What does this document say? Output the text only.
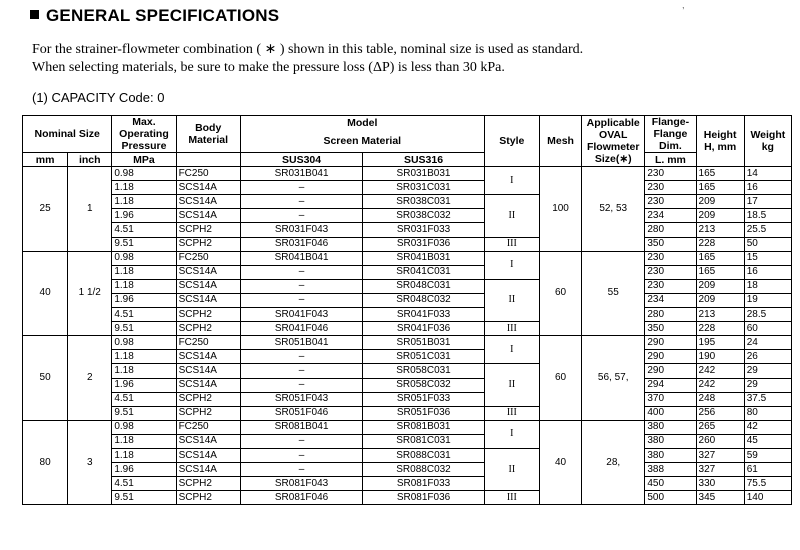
,
GENERAL SPECIFICATIONS
For the strainer-flowmeter combination ( ∗ ) shown in this table, nominal size is used as standard.
When selecting materials, be sure to make the pressure loss (ΔP) is less than 30 kPa.
(1) CAPACITY Code: 0
Nominal Size		Max. Operating Pressure	Body Material	Model		Style	Mesh	Applicable OVAL Flowmeter Size(∗)	Flange-Flange Dim.	Height H, mm	Weight kg
				Screen Material							
mm	inch	MPa		SUS304	SUS316				L. mm		
25	1	0.98	FC250	SR031B041	SR031B031	I	100	52, 53	230	165	14
		1.18	SCS14A	–	SR031C031				230	165	16
		1.18	SCS14A	–	SR038C031	II			230	209	17
		1.96	SCS14A	–	SR038C032				234	209	18.5
		4.51	SCPH2	SR031F043	SR031F033				280	213	25.5
		9.51	SCPH2	SR031F046	SR031F036	III			350	228	50
40	1 1/2	0.98	FC250	SR041B041	SR041B031	I	60	55	230	165	15
		1.18	SCS14A	–	SR041C031				230	165	16
		1.18	SCS14A	–	SR048C031	II			230	209	18
		1.96	SCS14A	–	SR048C032				234	209	19
		4.51	SCPH2	SR041F043	SR041F033				280	213	28.5
		9.51	SCPH2	SR041F046	SR041F036	III			350	228	60
50	2	0.98	FC250	SR051B041	SR051B031	I	60	56, 57,	290	195	24
		1.18	SCS14A	–	SR051C031				290	190	26
		1.18	SCS14A	–	SR058C031	II			290	242	29
		1.96	SCS14A	–	SR058C032				294	242	29
		4.51	SCPH2	SR051F043	SR051F033				370	248	37.5
		9.51	SCPH2	SR051F046	SR051F036	III			400	256	80
80	3	0.98	FC250	SR081B041	SR081B031	I	40	28,	380	265	42
		1.18	SCS14A	–	SR081C031				380	260	45
		1.18	SCS14A	–	SR088C031	II			380	327	59
		1.96	SCS14A	–	SR088C032				388	327	61
		4.51	SCPH2	SR081F043	SR081F033				450	330	75.5
		9.51	SCPH2	SR081F046	SR081F036	III			500	345	140
